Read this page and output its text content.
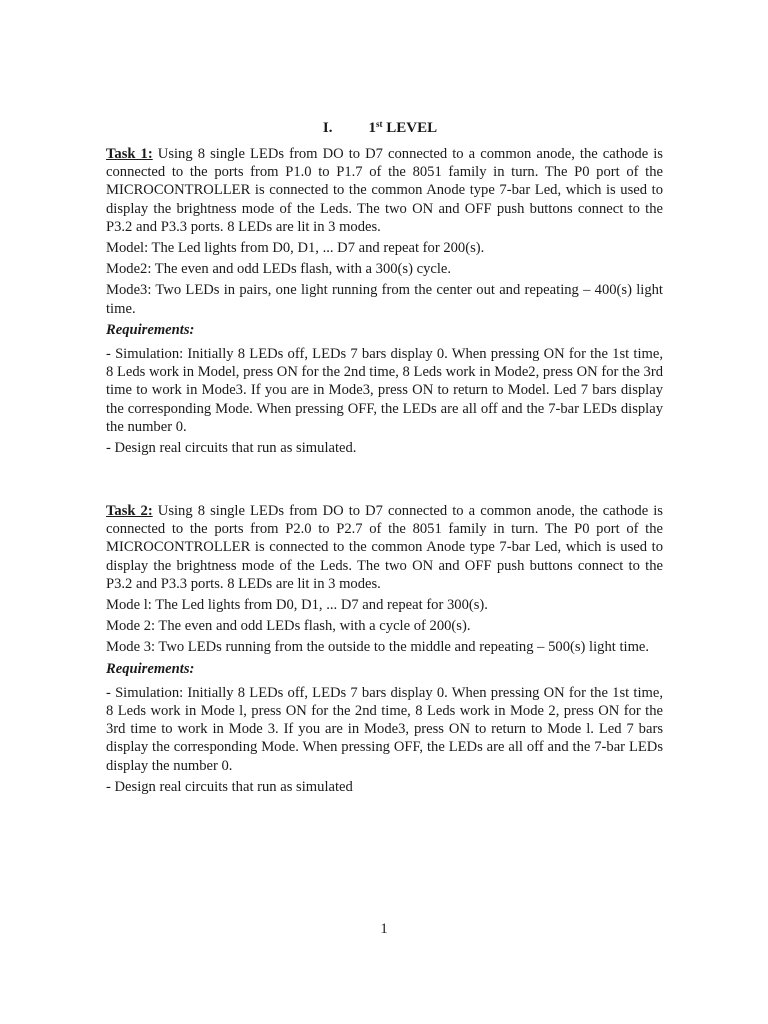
I. 1st LEVEL

Task 1: Using 8 single LEDs from DO to D7 connected to a common anode, the cathode is connected to the ports from P1.0 to P1.7 of the 8051 family in turn. The P0 port of the MICROCONTROLLER is connected to the common Anode type 7-bar Led, which is used to display the brightness mode of the Leds. The two ON and OFF push buttons connect to the P3.2 and P3.3 ports. 8 LEDs are lit in 3 modes.

Model: The Led lights from D0, D1, ... D7 and repeat for 200(s).

Mode2: The even and odd LEDs flash, with a 300(s) cycle.

Mode3: Two LEDs in pairs, one light running from the center out and repeating – 400(s) light time.

Requirements:

- Simulation: Initially 8 LEDs off, LEDs 7 bars display 0. When pressing ON for the 1st time, 8 Leds work in Model, press ON for the 2nd time, 8 Leds work in Mode2, press ON for the 3rd time to work in Mode3. If you are in Mode3, press ON to return to Model. Led 7 bars display the corresponding Mode. When pressing OFF, the LEDs are all off and the 7-bar LEDs display the number 0.

- Design real circuits that run as simulated.

Task 2: Using 8 single LEDs from DO to D7 connected to a common anode, the cathode is connected to the ports from P2.0 to P2.7 of the 8051 family in turn. The P0 port of the MICROCONTROLLER is connected to the common Anode type 7-bar Led, which is used to display the brightness mode of the Leds. The two ON and OFF push buttons connect to the P3.2 and P3.3 ports. 8 LEDs are lit in 3 modes.

Mode l: The Led lights from D0, D1, ... D7 and repeat for 300(s).

Mode 2: The even and odd LEDs flash, with a cycle of 200(s).

Mode 3: Two LEDs running from the outside to the middle and repeating – 500(s) light time.

Requirements:

- Simulation: Initially 8 LEDs off, LEDs 7 bars display 0. When pressing ON for the 1st time, 8 Leds work in Mode l, press ON for the 2nd time, 8 Leds work in Mode 2, press ON for the 3rd time to work in Mode 3. If you are in Mode3, press ON to return to Mode l. Led 7 bars display the corresponding Mode. When pressing OFF, the LEDs are all off and the 7-bar LEDs display the number 0.

- Design real circuits that run as simulated

1
